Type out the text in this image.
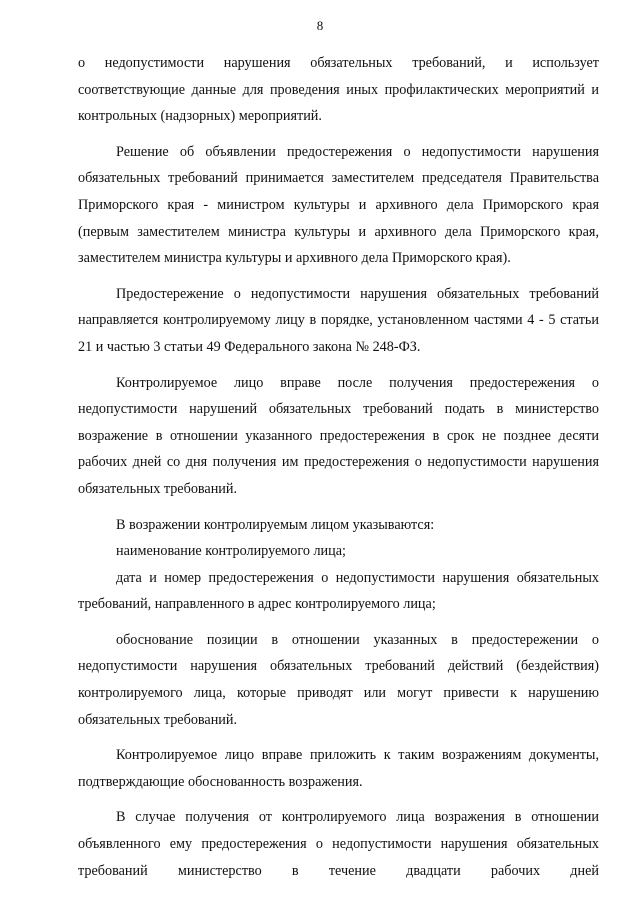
8

о недопустимости нарушения обязательных требований, и использует соответствующие данные для проведения иных профилактических мероприятий и контрольных (надзорных) мероприятий.

Решение об объявлении предостережения о недопустимости нарушения обязательных требований принимается заместителем председателя Правительства Приморского края - министром культуры и архивного дела Приморского края (первым заместителем министра культуры и архивного дела Приморского края, заместителем министра культуры и архивного дела Приморского края).

Предостережение о недопустимости нарушения обязательных требований направляется контролируемому лицу в порядке, установленном частями 4 - 5 статьи 21 и частью 3 статьи 49 Федерального закона № 248-ФЗ.

Контролируемое лицо вправе после получения предостережения о недопустимости нарушений обязательных требований подать в министерство возражение в отношении указанного предостережения в срок не позднее десяти рабочих дней со дня получения им предостережения о недопустимости нарушения обязательных требований.

В возражении контролируемым лицом указываются:

наименование контролируемого лица;

дата и номер предостережения о недопустимости нарушения обязательных требований, направленного в адрес контролируемого лица;

обоснование позиции в отношении указанных в предостережении о недопустимости нарушения обязательных требований действий (бездействия) контролируемого лица, которые приводят или могут привести к нарушению обязательных требований.

Контролируемое лицо вправе приложить к таким возражениям документы, подтверждающие обоснованность возражения.

В случае получения от контролируемого лица возражения в отношении объявленного ему предостережения о недопустимости нарушения обязательных требований министерство в течение двадцати рабочих дней
